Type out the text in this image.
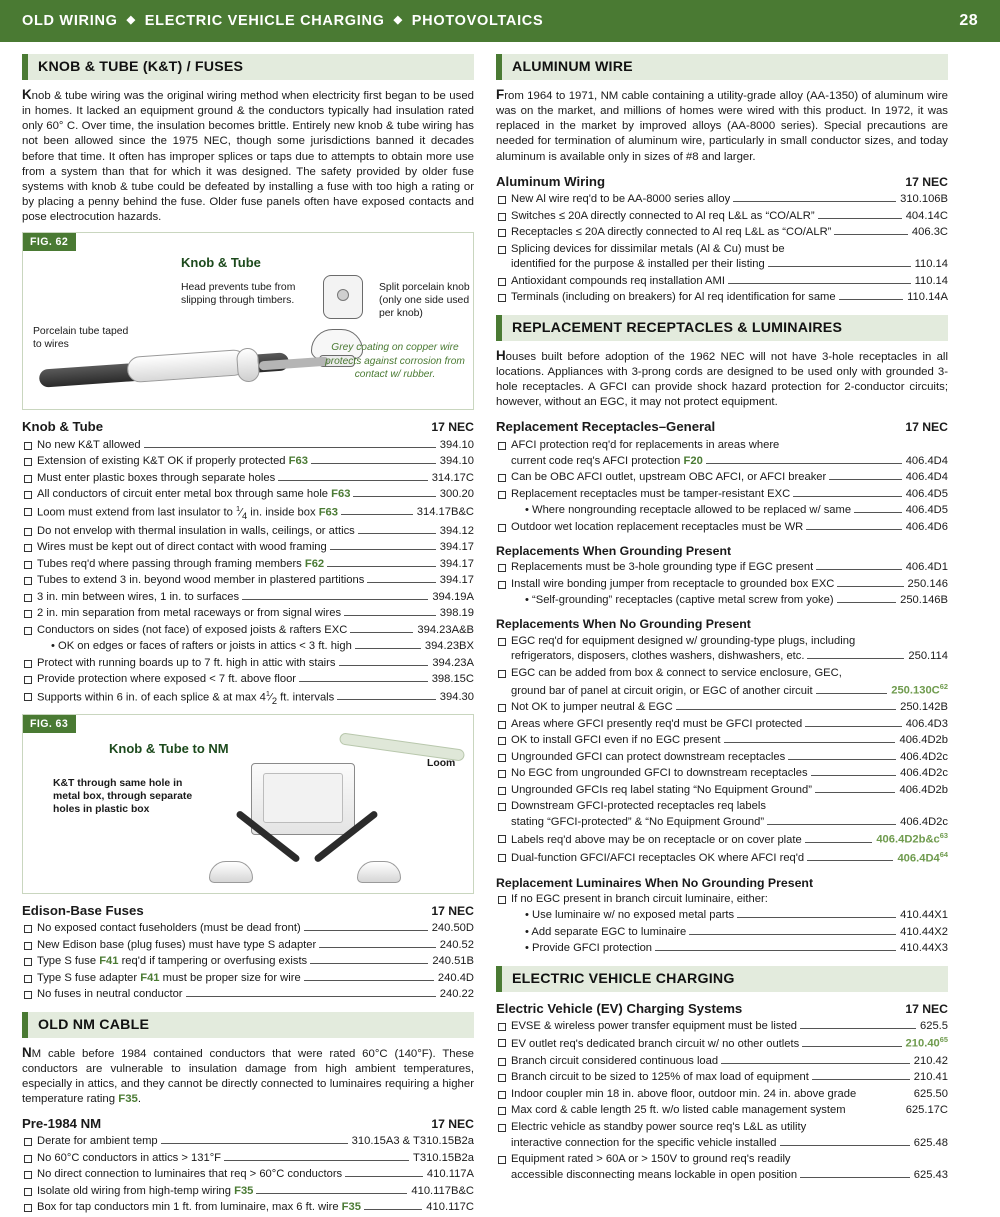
OLD WIRING ◆ ELECTRIC VEHICLE CHARGING ◆ PHOTOVOLTAICS	28
KNOB & TUBE (K&T) / FUSES

Knob & tube wiring was the original wiring method when electricity first began to be used in homes. It lacked an equipment ground & the conductors typically had insulation rated only 60° C. Over time, the insulation becomes brittle. Entirely new knob & tube wiring has not been allowed since the 1975 NEC, though some jurisdictions banned it decades before that time. It often has improper splices or taps due to attempts to obtain more use from a system than that for which it was designed. The safety provided by older fuse systems with knob & tube could be defeated by installing a fuse with too high a rating or by placing a penny behind the fuse. Older fuse panels often have exposed contacts and pose electrocution hazards.

FIG. 62
Knob & Tube
Head prevents tube from slipping through timbers.
Split porcelain knob (only one side used per knob)
Porcelain tube taped to wires	Grey coating on copper wire protects against corrosion from contact w/ rubber.
Knob & Tube	17 NEC
No new K&T allowed	394.10
Extension of existing K&T OK if properly protected F63	394.10
Must enter plastic boxes through separate holes	314.17C
All conductors of circuit enter metal box through same hole F63	300.20
Loom must extend from last insulator to $^1⁄_4$ in. inside box F63	314.17B&C
Do not envelop with thermal insulation in walls, ceilings, or attics	394.12
Wires must be kept out of direct contact with wood framing	394.17
Tubes req'd where passing through framing members F62	394.17
Tubes to extend 3 in. beyond wood member in plastered partitions	394.17
3 in. min between wires, 1 in. to surfaces	394.19A
2 in. min separation from metal raceways or from signal wires	398.19
Conductors on sides (not face) of exposed joists & rafters EXC	394.23A&B
• OK on edges or faces of rafters or joists in attics < 3 ft. high	394.23BX
Protect with running boards up to 7 ft. high in attic with stairs	394.23A
Provide protection where exposed < 7 ft. above floor	398.15C
Supports within 6 in. of each splice & at $\max 4^1⁄_2$ ft. intervals	394.30
FIG. 63
Knob & Tube to NM
K&T through same hole in metal box, through separate holes in plastic box
Loom
Edison-Base Fuses	17 NEC
No exposed contact fuseholders (must be dead front)	240.50D
New Edison base (plug fuses) must have type S adapter	240.52
Type S fuse F41 req'd if tampering or overfusing exists	240.51B
Type S fuse adapter F41 must be proper size for wire	240.4D
No fuses in neutral conductor	240.22
OLD NM CABLE

NM cable before 1984 contained conductors that were rated 60°C (140°F). These conductors are vulnerable to insulation damage from high ambient temperatures, especially in attics, and they cannot be directly connected to luminaires requiring a higher temperature rating F35.

Pre-1984 NM	17 NEC
Derate for ambient temp	310.15A3 & T310.15B2a
No 60°C conductors in attics > 131°F	T310.15B2a
No direct connection to luminaires that req > 60°C conductors	410.117A
Isolate old wiring from high-temp wiring F35	410.117B&C
Box for tap conductors min 1 ft. from luminaire, max 6 ft. wire F35	410.117C
ALUMINUM WIRE

From 1964 to 1971, NM cable containing a utility-grade alloy (AA-1350) of aluminum wire was on the market, and millions of homes were wired with this product. In 1972, it was replaced in the market by improved alloys (AA-8000 series). Special precautions are needed for termination of aluminum wire, particularly in small conductor sizes, and today aluminum is available only in sizes of #8 and larger.

Aluminum Wiring	17 NEC
New Al wire req'd to be AA-8000 series alloy	310.106B
Switches ≤ 20A directly connected to Al req L&L as “CO/ALR”	404.14C
Receptacles ≤ 20A directly connected to Al req L&L as “CO/ALR”	406.3C
Splicing devices for dissimilar metals (Al & Cu) must be
identified for the purpose & installed per their listing	110.14
Antioxidant compounds req installation AMI	110.14
Terminals (including on breakers) for Al req identification for same	110.14A
REPLACEMENT RECEPTACLES & LUMINAIRES

Houses built before adoption of the 1962 NEC will not have 3-hole receptacles in all locations. Appliances with 3-prong cords are designed to be used only with grounded 3-hole receptacles. A GFCI can provide shock hazard protection for 2-conductor circuits; however, without an EGC, it may not protect equipment.

Replacement Receptacles–General	17 NEC
AFCI protection req'd for replacements in areas where
current code req's AFCI protection F20	406.4D4
Can be OBC AFCI outlet, upstream OBC AFCI, or AFCI breaker	406.4D4
Replacement receptacles must be tamper-resistant EXC	406.4D5
• Where nongrounding receptacle allowed to be replaced w/ same	406.4D5
Outdoor wet location replacement receptacles must be WR	406.4D6
Replacements When Grounding Present
Replacements must be 3-hole grounding type if EGC present	406.4D1
Install wire bonding jumper from receptacle to grounded box EXC	250.146
• “Self-grounding” receptacles (captive metal screw from yoke)	250.146B
Replacements When No Grounding Present
EGC req'd for equipment designed w/ grounding-type plugs, including
refrigerators, disposers, clothes washers, dishwashers, etc.	250.114
EGC can be added from box & connect to service enclosure, GEC,
ground bar of panel at circuit origin, or EGC of another circuit	$250.130C^{62}$
Not OK to jumper neutral & EGC	250.142B
Areas where GFCI presently req'd must be GFCI protected	406.4D3
OK to install GFCI even if no EGC present	406.4D2b
Ungrounded GFCI can protect downstream receptacles	406.4D2c
No EGC from ungrounded GFCI to downstream receptacles	406.4D2c
Ungrounded GFCIs req label stating “No Equipment Ground”	406.4D2b
Downstream GFCI-protected receptacles req labels
stating “GFCI-protected” & “No Equipment Ground”	406.4D2c
Labels req'd above may be on receptacle or on cover plate	$406.4D2b\&c^{63}$
Dual-function GFCI/AFCI receptacles OK where AFCI req'd	$406.4D4^{64}$
Replacement Luminaires When No Grounding Present
If no EGC present in branch circuit luminaire, either:
• Use luminaire w/ no exposed metal parts	410.44X1
• Add separate EGC to luminaire	410.44X2
• Provide GFCI protection	410.44X3
ELECTRIC VEHICLE CHARGING
Electric Vehicle (EV) Charging Systems	17 NEC
EVSE & wireless power transfer equipment must be listed	625.5
EV outlet req's dedicated branch circuit w/ no other outlets	210.40$^{65}$
Branch circuit considered continuous load	210.42
Branch circuit to be sized to 125% of max load of equipment	210.41
Indoor coupler min 18 in. above floor, outdoor min. 24 in. above grade	625.50
Max cord & cable length 25 ft. w/o listed cable management system	625.17C
Electric vehicle as standby power source req's L&L as utility
interactive connection for the specific vehicle installed	625.48
Equipment rated > 60A or > 150V to ground req's readily
accessible disconnecting means lockable in open position	625.43
